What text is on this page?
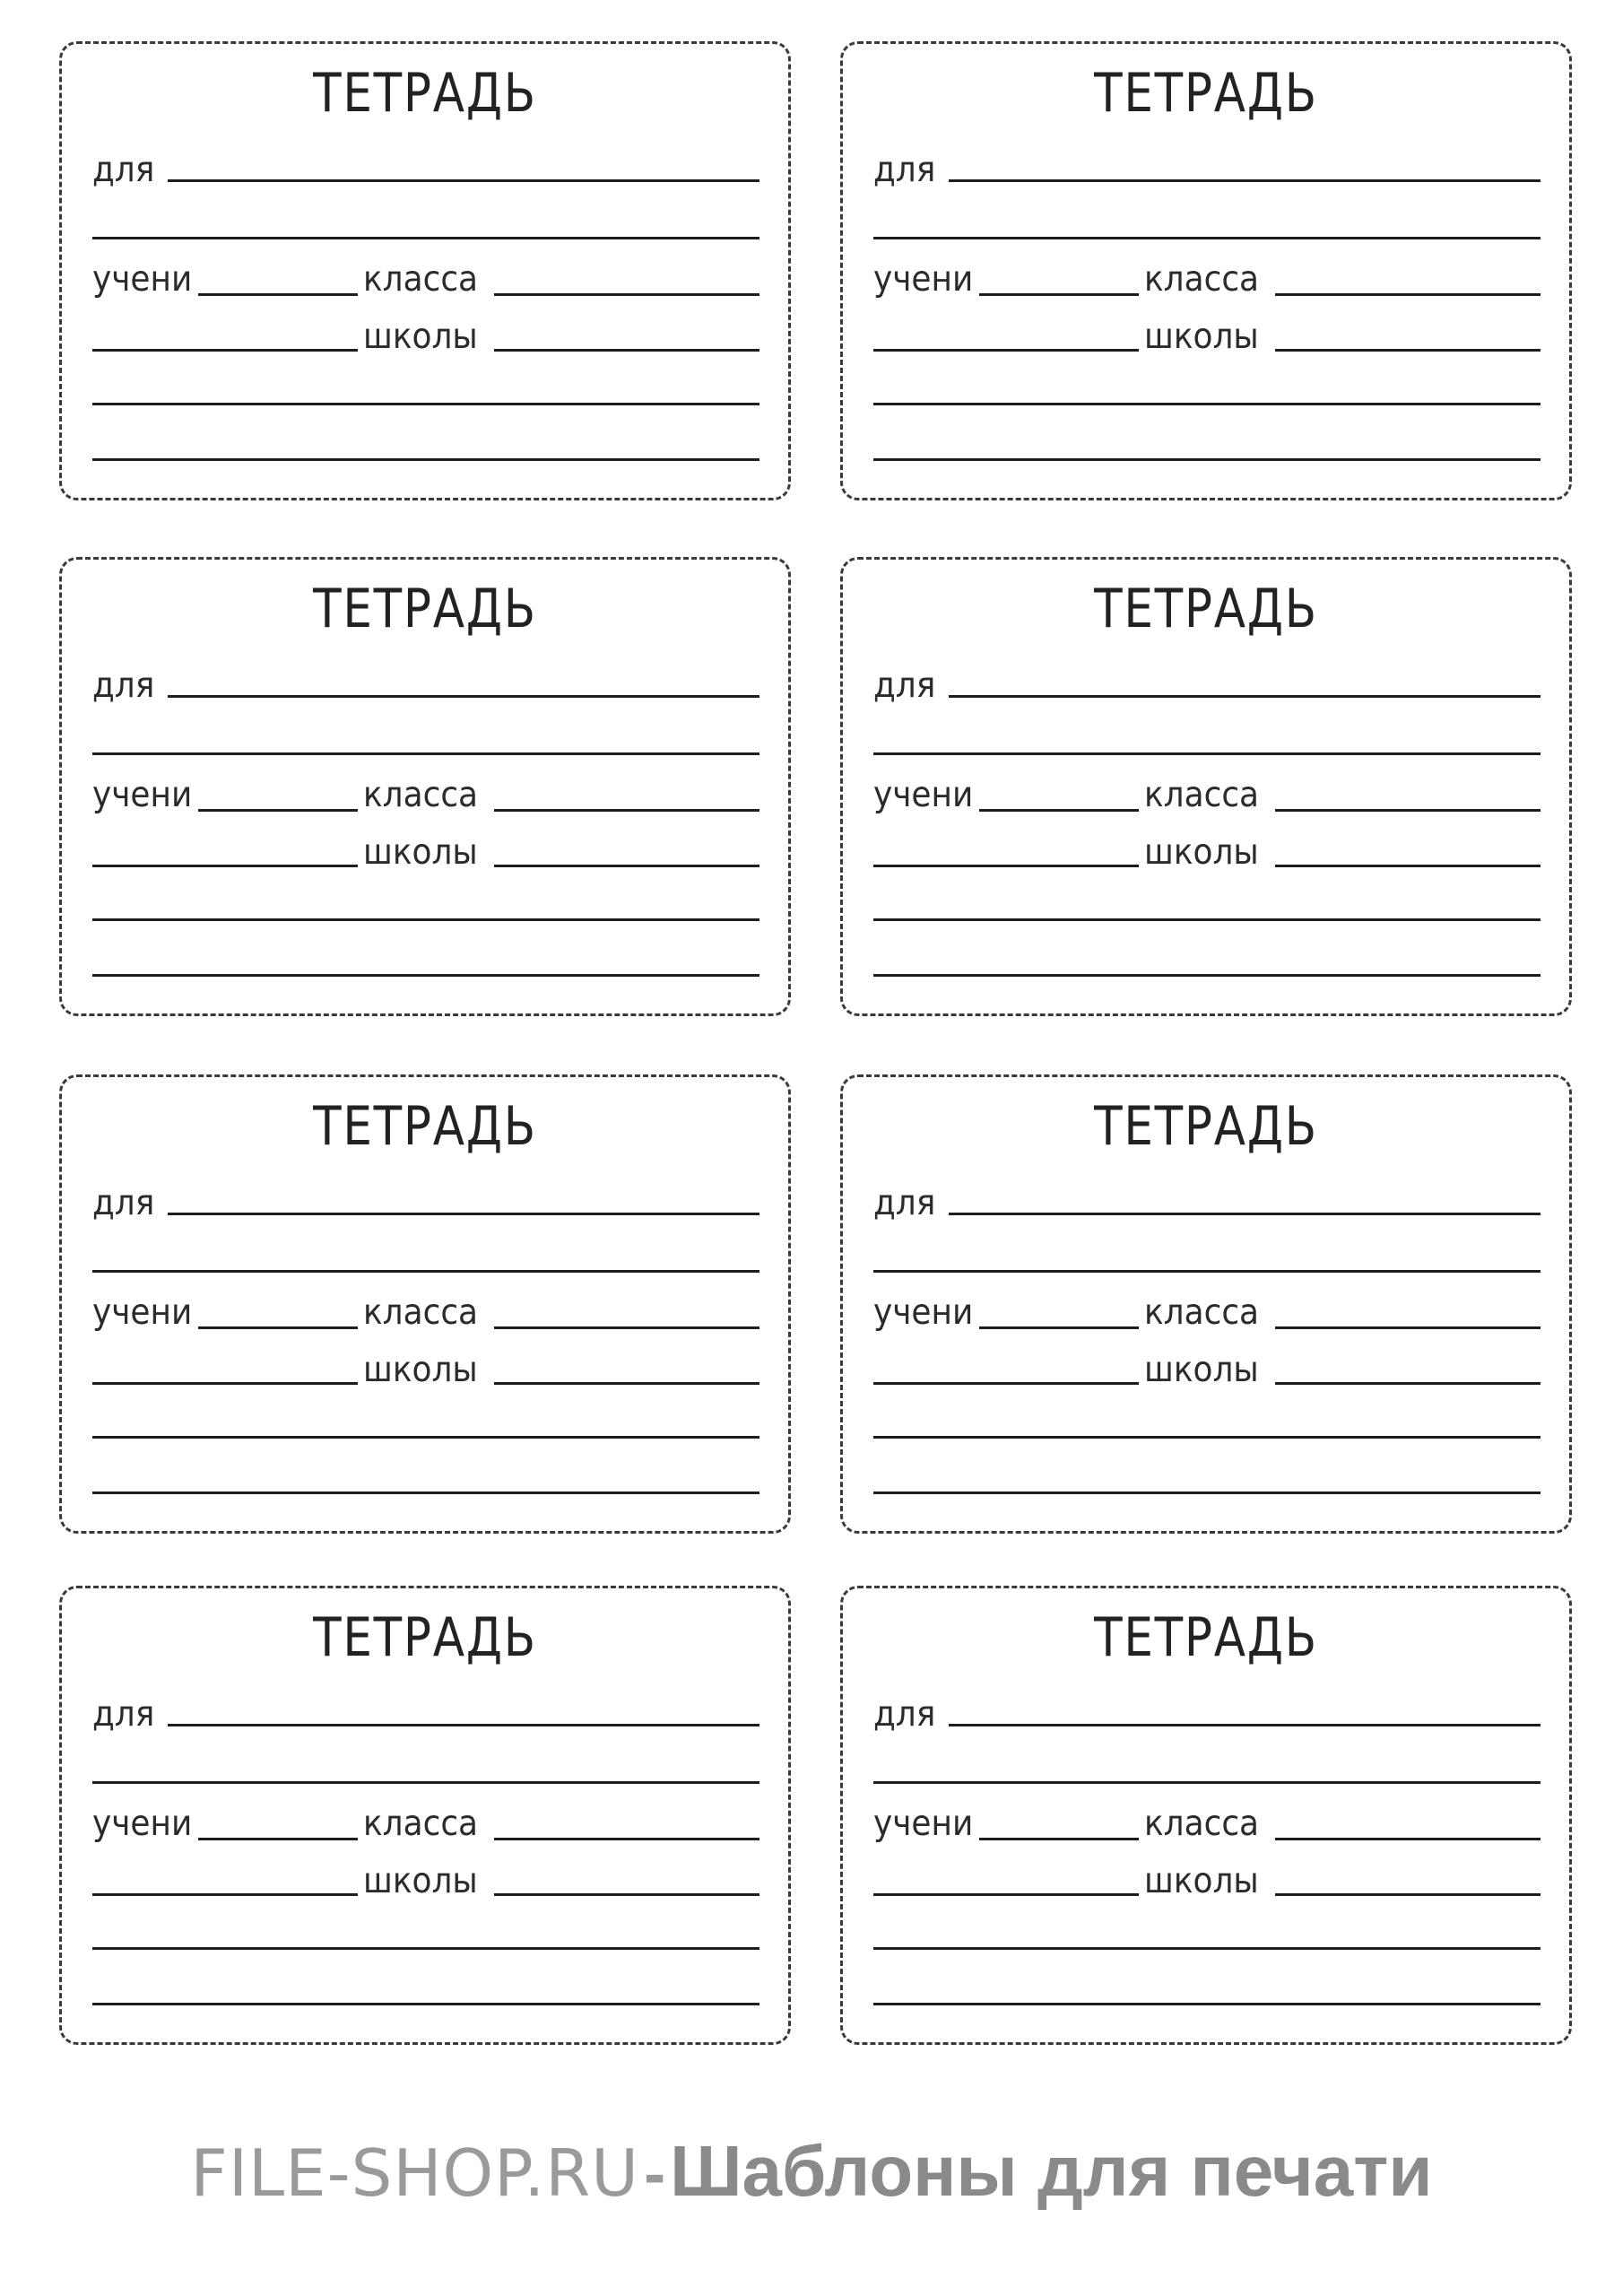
ТЕТРАДЬ
для
учени	класса
школы
ТЕТРАДЬ
для
учени	класса
школы
ТЕТРАДЬ
для
учени	класса
школы
ТЕТРАДЬ
для
учени	класса
школы
ТЕТРАДЬ
для
учени	класса
школы
ТЕТРАДЬ
для
учени	класса
школы
ТЕТРАДЬ
для
учени	класса
школы
ТЕТРАДЬ
для
учени	класса
школы
FILE-SHOP.RU - Шаблоны для печати
